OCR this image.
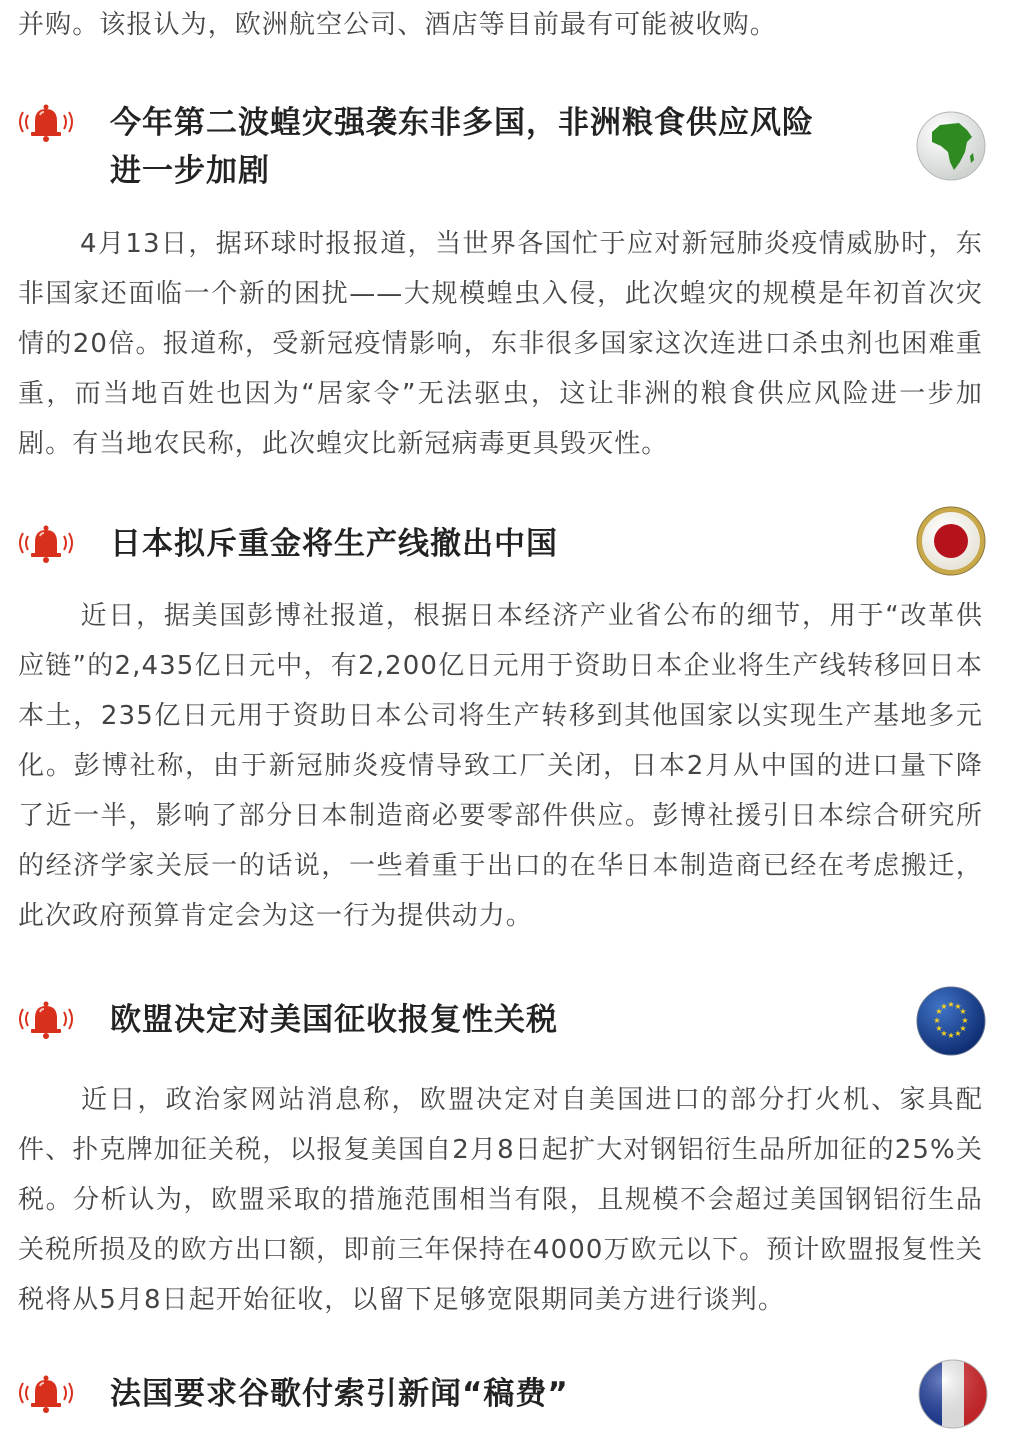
并购。该报认为，欧洲航空公司、酒店等目前最有可能被收购。

今年第二波蝗灾强袭东非多国，非洲粮食供应风险
进一步加剧

4月13日，据环球时报报道，当世界各国忙于应对新冠肺炎疫情威胁时，东非国家还面临一个新的困扰——大规模蝗虫入侵，此次蝗灾的规模是年初首次灾情的20倍。报道称，受新冠疫情影响，东非很多国家这次连进口杀虫剂也困难重重，而当地百姓也因为“居家令”无法驱虫，这让非洲的粮食供应风险进一步加剧。有当地农民称，此次蝗灾比新冠病毒更具毁灭性。

日本拟斥重金将生产线撤出中国

近日，据美国彭博社报道，根据日本经济产业省公布的细节，用于“改革供应链”的2,435亿日元中，有2,200亿日元用于资助日本企业将生产线转移回日本本土，235亿日元用于资助日本公司将生产转移到其他国家以实现生产基地多元化。彭博社称，由于新冠肺炎疫情导致工厂关闭，日本2月从中国的进口量下降了近一半，影响了部分日本制造商必要零部件供应。彭博社援引日本综合研究所的经济学家关辰一的话说，一些着重于出口的在华日本制造商已经在考虑搬迁，此次政府预算肯定会为这一行为提供动力。

欧盟决定对美国征收报复性关税	★ ★
★
★
★
★
★
★
★
★
★
★

近日，政治家网站消息称，欧盟决定对自美国进口的部分打火机、家具配件、扑克牌加征关税，以报复美国自2月8日起扩大对钢铝衍生品所加征的25%关税。分析认为，欧盟采取的措施范围相当有限，且规模不会超过美国钢铝衍生品关税所损及的欧方出口额，即前三年保持在4000万欧元以下。预计欧盟报复性关税将从5月8日起开始征收，以留下足够宽限期同美方进行谈判。

法国要求谷歌付索引新闻“稿费”
